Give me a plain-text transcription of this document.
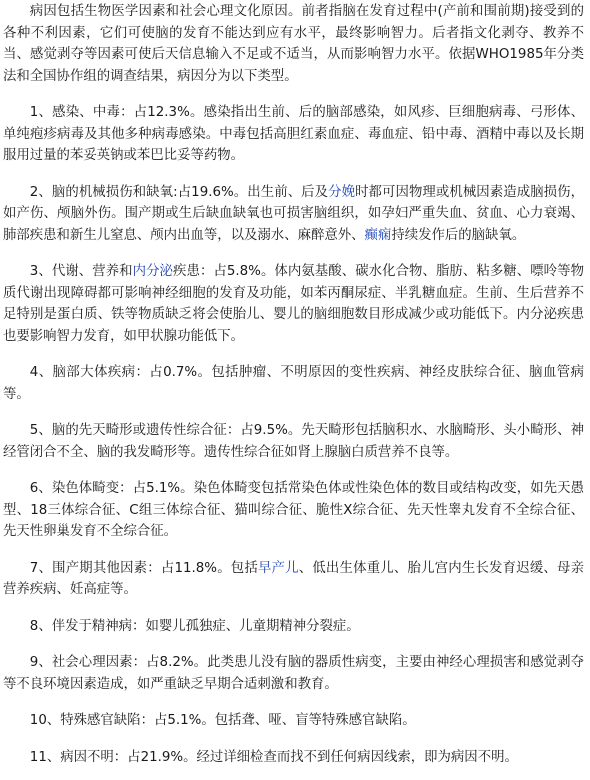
病因包括生物医学因素和社会心理文化原因。前者指脑在发育过程中(产前和围前期)接受到的各种不利因素，它们可使脑的发育不能达到应有水平，最终影响智力。后者指文化剥夺、教养不当、感觉剥夺等因素可使后天信息输入不足或不适当，从而影响智力水平。依据WHO1985年分类法和全国协作组的调查结果，病因分为以下类型。

1、感染、中毒：占12.3%。感染指出生前、后的脑部感染，如风疹、巨细胞病毒、弓形体、单纯疱疹病毒及其他多种病毒感染。中毒包括高胆红素血症、毒血症、铅中毒、酒精中毒以及长期服用过量的苯妥英钠或苯巴比妥等药物。

2、脑的机械损伤和缺氧:占19.6%。出生前、后及分娩时都可因物理或机械因素造成脑损伤，如产伤、颅脑外伤。围产期或生后缺血缺氧也可损害脑组织，如孕妇严重失血、贫血、心力衰竭、肺部疾患和新生儿窒息、颅内出血等，以及溺水、麻醉意外、癫痫持续发作后的脑缺氧。

3、代谢、营养和内分泌疾患：占5.8%。体内氨基酸、碳水化合物、脂肪、粘多糖、嘌呤等物质代谢出现障碍都可影响神经细胞的发育及功能，如苯丙酮尿症、半乳糖血症。生前、生后营养不足特别是蛋白质、铁等物质缺乏将会使胎儿、婴儿的脑细胞数目形成减少或功能低下。内分泌疾患也要影响智力发育，如甲状腺功能低下。

4、脑部大体疾病：占0.7%。包括肿瘤、不明原因的变性疾病、神经皮肤综合征、脑血管病等。

5、脑的先天畸形或遗传性综合征：占9.5%。先天畸形包括脑积水、水脑畸形、头小畸形、神经管闭合不全、脑的我发畸形等。遗传性综合征如肾上腺脑白质营养不良等。

6、染色体畸变：占5.1%。染色体畸变包括常染色体或性染色体的数目或结构改变，如先天愚型、18三体综合征、C组三体综合征、猫叫综合征、脆性X综合征、先天性睾丸发育不全综合征、先天性卵巢发育不全综合征。

7、围产期其他因素：占11.8%。包括早产儿、低出生体重儿、胎儿宫内生长发育迟缓、母亲营养疾病、妊高症等。

8、伴发于精神病：如婴儿孤独症、儿童期精神分裂症。

9、社会心理因素：占8.2%。此类患儿没有脑的器质性病变，主要由神经心理损害和感觉剥夺等不良环境因素造成，如严重缺乏早期合适刺激和教育。

10、特殊感官缺陷：占5.1%。包括聋、哑、盲等特殊感官缺陷。

11、病因不明：占21.9%。经过详细检查而找不到任何病因线索，即为病因不明。
